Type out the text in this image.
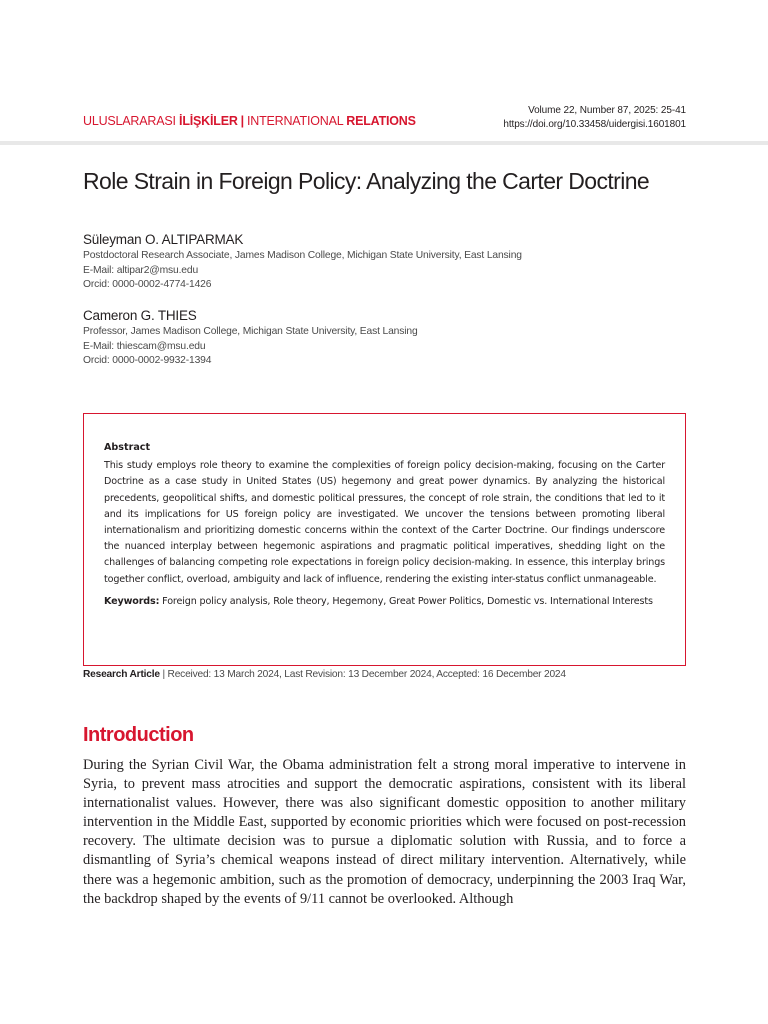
ULUSLARARASI İLİŞKİLER | INTERNATIONAL RELATIONS
Volume 22, Number 87, 2025: 25-41
https://doi.org/10.33458/uidergisi.1601801
Role Strain in Foreign Policy: Analyzing the Carter Doctrine
Süleyman O. ALTIPARMAK
Postdoctoral Research Associate, James Madison College, Michigan State University, East Lansing
E-Mail: altipar2@msu.edu
Orcid: 0000-0002-4774-1426
Cameron G. THIES
Professor, James Madison College, Michigan State University, East Lansing
E-Mail: thiescam@msu.edu
Orcid: 0000-0002-9932-1394
Abstract

This study employs role theory to examine the complexities of foreign policy decision-making, focusing on the Carter Doctrine as a case study in United States (US) hegemony and great power dynamics. By analyzing the historical precedents, geopolitical shifts, and domestic political pressures, the concept of role strain, the conditions that led to it and its implications for US foreign policy are investigated. We uncover the tensions between promoting liberal internationalism and prioritizing domestic concerns within the context of the Carter Doctrine. Our findings underscore the nuanced interplay between hegemonic aspirations and pragmatic political imperatives, shedding light on the challenges of balancing competing role expectations in foreign policy decision-making. In essence, this interplay brings together conflict, overload, ambiguity and lack of influence, rendering the existing inter-status conflict unmanageable.

Keywords: Foreign policy analysis, Role theory, Hegemony, Great Power Politics, Domestic vs. International Interests

Research Article | Received: 13 March 2024, Last Revision: 13 December 2024, Accepted: 16 December 2024
Introduction

During the Syrian Civil War, the Obama administration felt a strong moral imperative to intervene in Syria, to prevent mass atrocities and support the democratic aspirations, consistent with its liberal internationalist values. However, there was also significant domestic opposition to another military intervention in the Middle East, supported by economic priorities which were focused on post-recession recovery. The ultimate decision was to pursue a diplomatic solution with Russia, and to force a dismantling of Syria’s chemical weapons instead of direct military intervention. Alternatively, while there was a hegemonic ambition, such as the promotion of democracy, underpinning the 2003 Iraq War, the backdrop shaped by the events of 9/11 cannot be overlooked. Although
